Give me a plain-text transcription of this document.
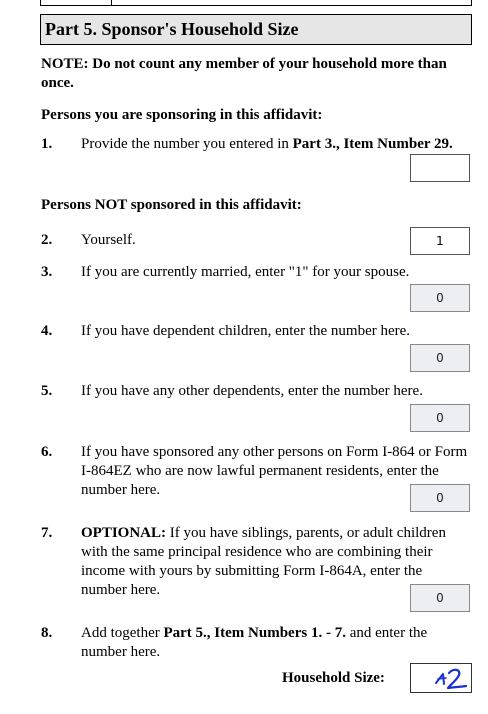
Part 5. Sponsor's Household Size
NOTE: Do not count any member of your household more than once.
Persons you are sponsoring in this affidavit:
1. Provide the number you entered in Part 3., Item Number 29.
Persons NOT sponsored in this affidavit:
2. Yourself.	1
3. If you are currently married, enter "1" for your spouse.
0
4. If you have dependent children, enter the number here.
0
5. If you have any other dependents, enter the number here.
0
6. If you have sponsored any other persons on Form I-864 or Form I-864EZ who are now lawful permanent residents, enter the number here.	0
7. OPTIONAL: If you have siblings, parents, or adult children with the same principal residence who are combining their income with yours by submitting Form I-864A, enter the number here.	0
8. Add together Part 5., Item Numbers 1. - 7. and enter the number here.
Household Size:
